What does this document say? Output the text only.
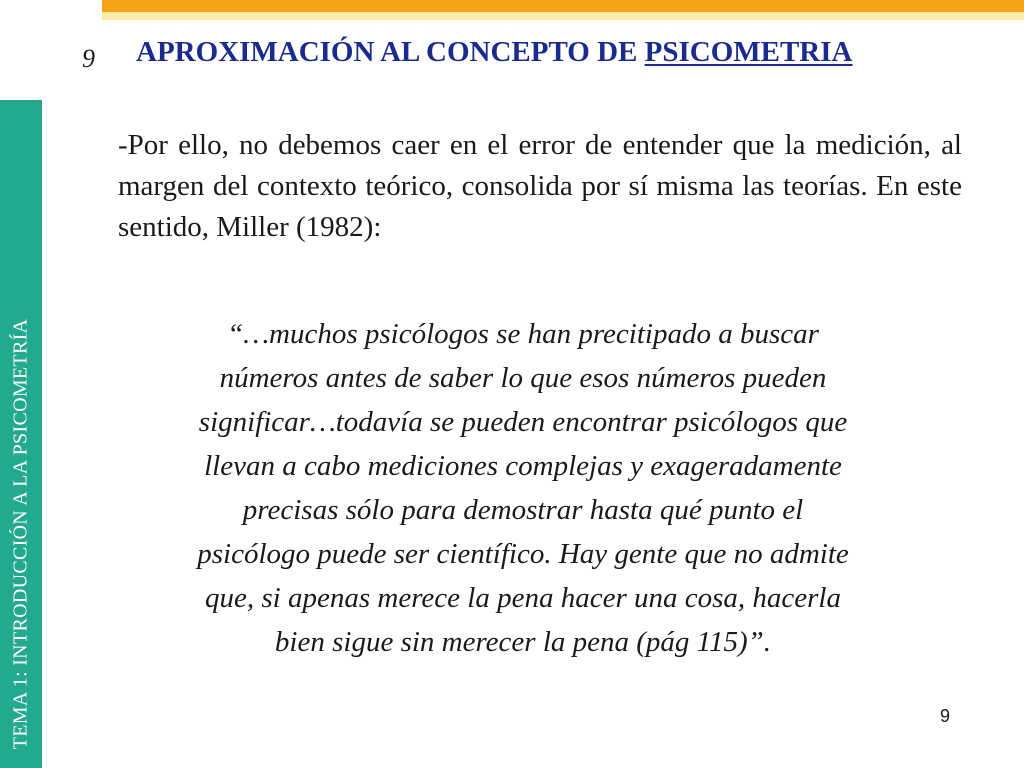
TEMA 1: INTRODUCCIÓN A LA PSICOMETRÍA
9 APROXIMACIÓN AL CONCEPTO DE PSICOMETRIA
-Por ello, no debemos caer en el error de entender que la medición, al margen del contexto teórico, consolida por sí misma las teorías. En este sentido, Miller (1982):
“…muchos psicólogos se han precitipado a buscar
números antes de saber lo que esos números pueden
significar…todavía se pueden encontrar psicólogos que
llevan a cabo mediciones complejas y exageradamente
precisas sólo para demostrar hasta qué punto el
psicólogo puede ser científico. Hay gente que no admite
que, si apenas merece la pena hacer una cosa, hacerla
bien sigue sin merecer la pena (pág 115)”.
9
